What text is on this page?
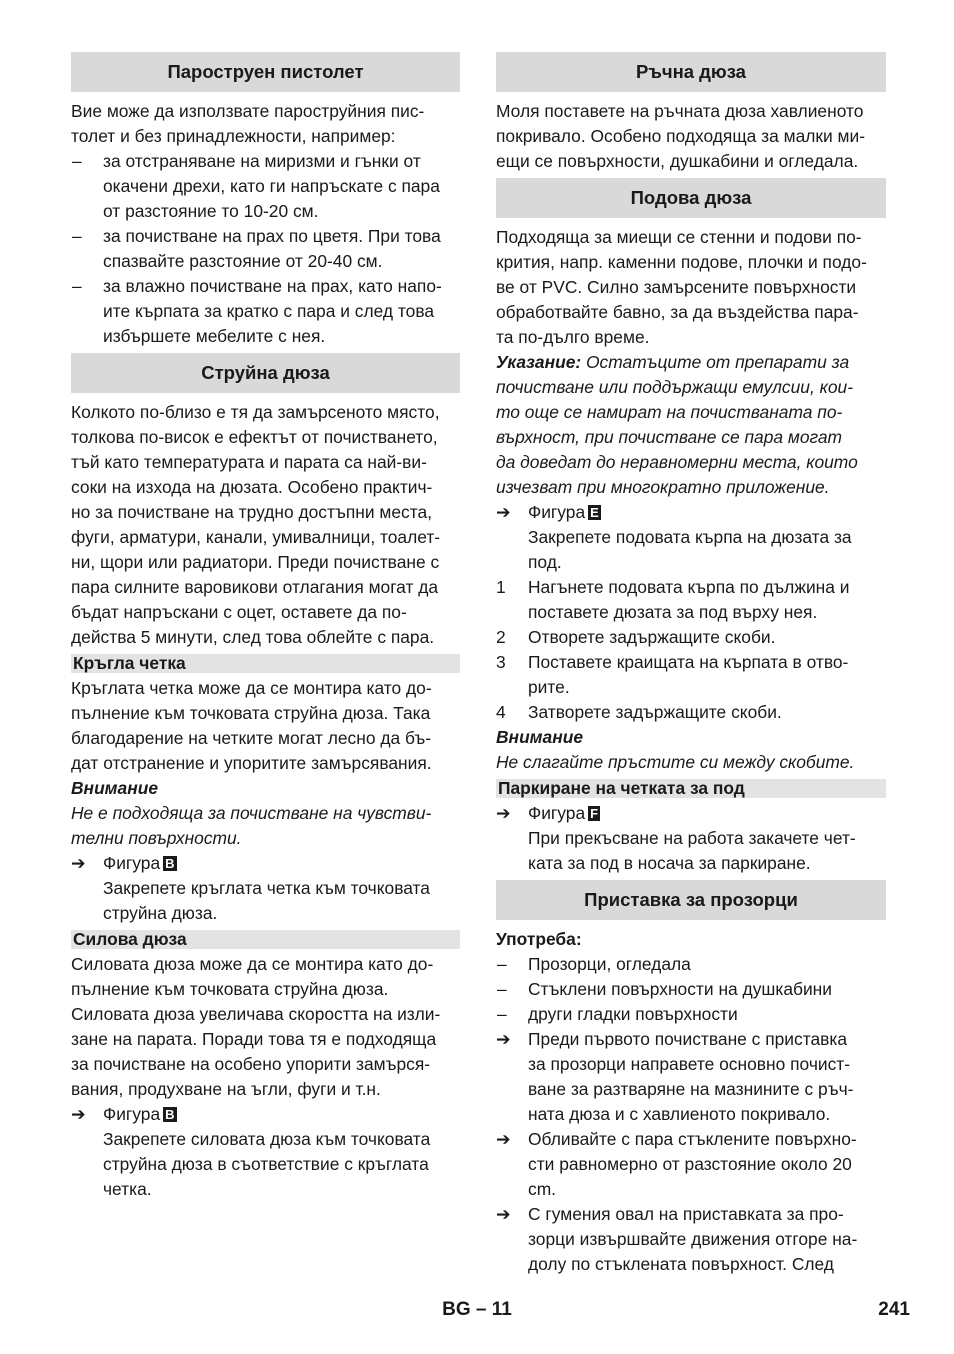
Пароструен пистолет
Вие може да използвате пароструйния пис-
толет и без принадлежности, например:
–	за отстраняване на миризми и гънки от
окачени дрехи, като ги напръскате с пара
от разстояние то 10-20 см.
–	за почистване на прах по цветя. При това
спазвайте разстояние от 20-40 см.
–	за влажно почистване на прах, като напо-
ите кърпата за кратко с пара и след това
избършете мебелите с нея.
Струйна дюза
Колкото по-близо е тя да замърсеното място,
толкова по-висок е ефектът от почистването,
тъй като температурата и парата са най-ви-
соки на изхода на дюзата. Особено практич-
но за почистване на трудно достъпни места,
фуги, арматури, канали, умивалници, тоалет-
ни, щори или радиатори. Преди почистване с
пара силните варовикови отлагания могат да
бъдат напръскани с оцет, оставете да по-
действа 5 минути, след това облейте с пара.
Кръгла четка
Кръглата четка може да се монтира като до-
пълнение към точковата струйна дюза. Така
благодарение на четките могат лесно да бъ-
дат отстранение и упоритите замърсявания.
Внимание
Не е подходяща за почистване на чувстви-
телни повърхности.
➔	Фигура B
Закрепете кръглата четка към точковата
струйна дюза.
Силова дюза
Силовата дюза може да се монтира като до-
пълнение към точковата струйна дюза.
Силовата дюза увеличава скоростта на изли-
зане на парата. Поради това тя е подходяща
за почистване на особено упорити замърся-
вания, продухване на ъгли, фуги и т.н.
➔	Фигура B
Закрепете силовата дюза към точковата
струйна дюза в съответствие с кръглата
четка.
Ръчна дюза
Моля поставете на ръчната дюза хавлиеното
покривало. Особено подходяща за малки ми-
ещи се повърхности, душкабини и огледала.
Подова дюза
Подходяща за миещи се стенни и подови по-
крития, напр. каменни подове, плочки и подо-
ве от PVC. Силно замърсените повърхности
обработвайте бавно, за да въздейства пара-
та по-дълго време.
Указание: Остатъците от препарати за
почистване или поддържащи емулсии, кои-
то още се намират на почистваната по-
върхност, при почистване се пара могат
да доведат до неравномерни места, които
изчезват при многократно приложение.
➔	Фигура E
Закрепете подовата кърпа на дюзата за
под.
1	Нагънете подовата кърпа по дължина и
поставете дюзата за под върху нея.
2	Отворете задържащите скоби.
3	Поставете краищата на кърпата в отво-
рите.
4	Затворете задържащите скоби.
Внимание
Не слагайте пръстите си между скобите.
Паркиране на четката за под
➔	Фигура F
При прекъсване на работа закачете чет-
ката за под в носача за паркиране.
Приставка за прозорци
Употреба:
–	Прозорци, огледала
–	Стъклени повърхности на душкабини
–	други гладки повърхности
➔	Преди първото почистване с приставка
за прозорци направете основно почист-
ване за разтваряне на мазнините с ръч-
ната дюза и с хавлиеното покривало.
➔	Обливайте с пара стъклените повърхно-
сти равномерно от разстояние около 20
cm.
➔	С гумения овал на приставката за про-
зорци извършвайте движения отгоре на-
долу по стъклената повърхност. След
BG – 11	241
